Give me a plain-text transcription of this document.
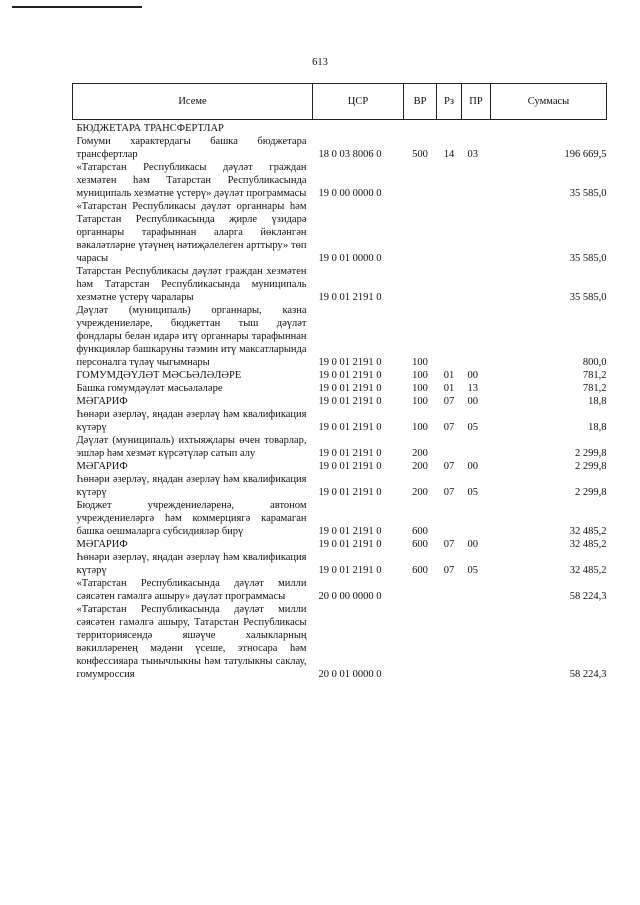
613
Исеме	ЦСР	ВР	Рз	ПР	Суммасы
БЮДЖЕТАРА ТРАНСФЕРТЛАР					
Гомуми характердагы башка бюджетара трансфертлар	18 0 03 8006 0	500	14	03	196 669,5
«Татарстан Республикасы дәүләт граждан хезмәтен һәм Татарстан Республикасында муниципаль хезмәтне үстерү» дәүләт программасы	19 0 00 0000 0				35 585,0
«Татарстан Республикасы дәүләт органнары һәм Татарстан Республикасында җирле үзидарә органнары тарафыннан аларга йөкләнгән вәкаләтләрне үтәүнең нәтиҗәлелеген арттыру» төп чарасы	19 0 01 0000 0				35 585,0
Татарстан Республикасы дәүләт граждан хезмәтен һәм Татарстан Республикасында муниципаль хезмәтне үстерү чаралары	19 0 01 2191 0				35 585,0
Дәүләт (муниципаль) органнары, казна учреждениеләре, бюджеттан тыш дәүләт фондлары белән идарә итү органнары тарафыннан функцияләр башкаруны тәэмин итү максатларында персоналга түләү чыгымнары	19 0 01 2191 0	100			800,0
ГОМУМДӘҮЛӘТ МӘСЬӘЛӘЛӘРЕ	19 0 01 2191 0	100	01	00	781,2
Башка гомумдәүләт мәсьәләләре	19 0 01 2191 0	100	01	13	781,2
МӘГАРИФ	19 0 01 2191 0	100	07	00	18,8
Һөнәри әзерләү, яңадан әзерләү һәм квалификация күтәрү	19 0 01 2191 0	100	07	05	18,8
Дәүләт (муниципаль) ихтыяҗлары өчен товарлар, эшләр һәм хезмәт күрсәтүләр сатып алу	19 0 01 2191 0	200			2 299,8
МӘГАРИФ	19 0 01 2191 0	200	07	00	2 299,8
Һөнәри әзерләү, яңадан әзерләү һәм квалификация күтәрү	19 0 01 2191 0	200	07	05	2 299,8
Бюджет учреждениеләренә, автоном учреждениеләргә һәм коммерциягә карамаган башка оешмаларга субсидияләр бирү	19 0 01 2191 0	600			32 485,2
МӘГАРИФ	19 0 01 2191 0	600	07	00	32 485,2
Һөнәри әзерләү, яңадан әзерләү һәм квалификация күтәрү	19 0 01 2191 0	600	07	05	32 485,2
«Татарстан Республикасында дәүләт милли сәясәтен гамәлгә ашыру» дәүләт программасы	20 0 00 0000 0				58 224,3
«Татарстан Республикасында дәүләт милли сәясәтен гамәлгә ашыру, Татарстан Республикасы территориясендә яшәүче халыкларның вәкилләренең мәдәни үсеше, этносара һәм конфессияара тынычлыкны һәм татулыкны саклау, гомумроссия	20 0 01 0000 0				58 224,3
